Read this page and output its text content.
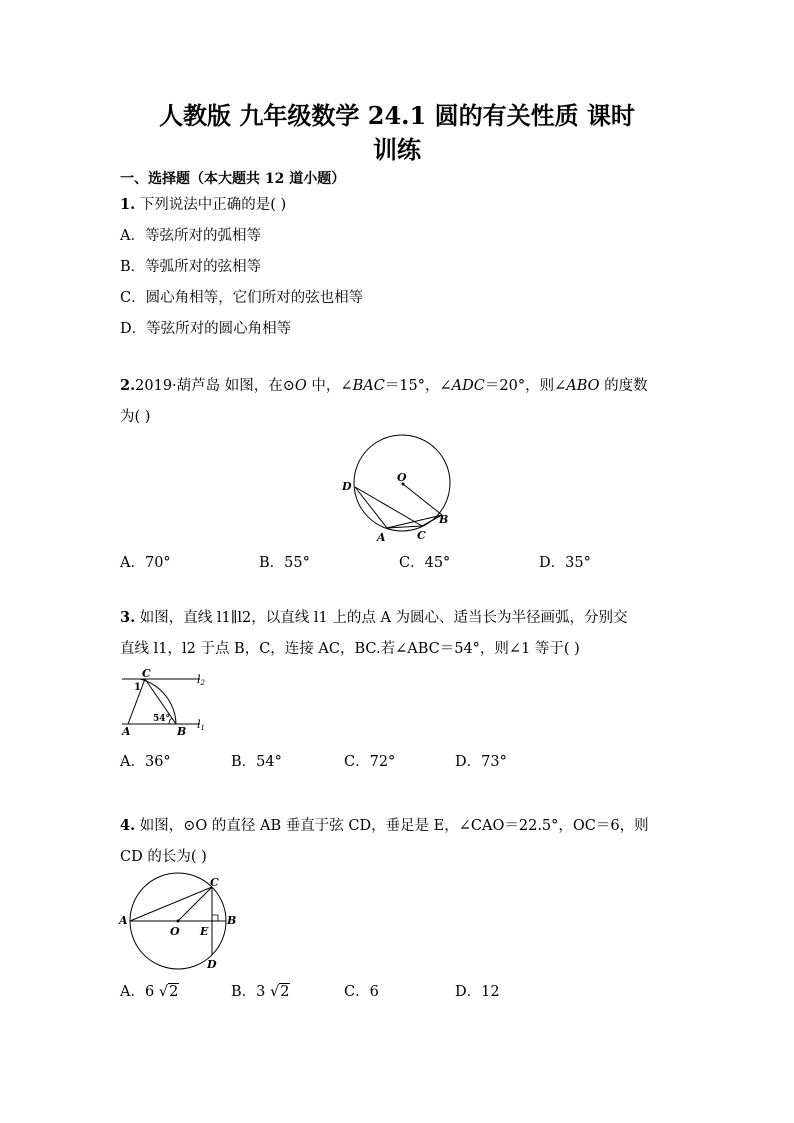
人教版 九年级数学 24.1 圆的有关性质 课时
训练
一、选择题（本大题共 12 道小题）
1. 下列说法中正确的是( )
A．等弦所对的弧相等
B．等弧所对的弦相等
C．圆心角相等，它们所对的弦也相等
D．等弦所对的圆心角相等
2.2019·葫芦岛 如图，在⊙O 中，∠BAC＝15°，∠ADC＝20°，则∠ABO 的度数
为( )
D
O
A	C
B
A．70°	B．55°	C．45°	D．35°
3. 如图，直线 l1∥l2，以直线 l1 上的点 A 为圆心、适当长为半径画弧，分别交
直线 l1，l2 于点 B，C，连接 AC，BC.若∠ABC＝54°，则∠1 等于( )
C
1
l2
54°
A	B
l1
A．36°	B．54°	C．72°	D．73°
4. 如图，⊙O 的直径 AB 垂直于弦 CD，垂足是 E，∠CAO＝22.5°，OC＝6，则
CD 的长为( )
A
O E
B
C
D
A．6 √2	B．3 √2	C．6	D．12
